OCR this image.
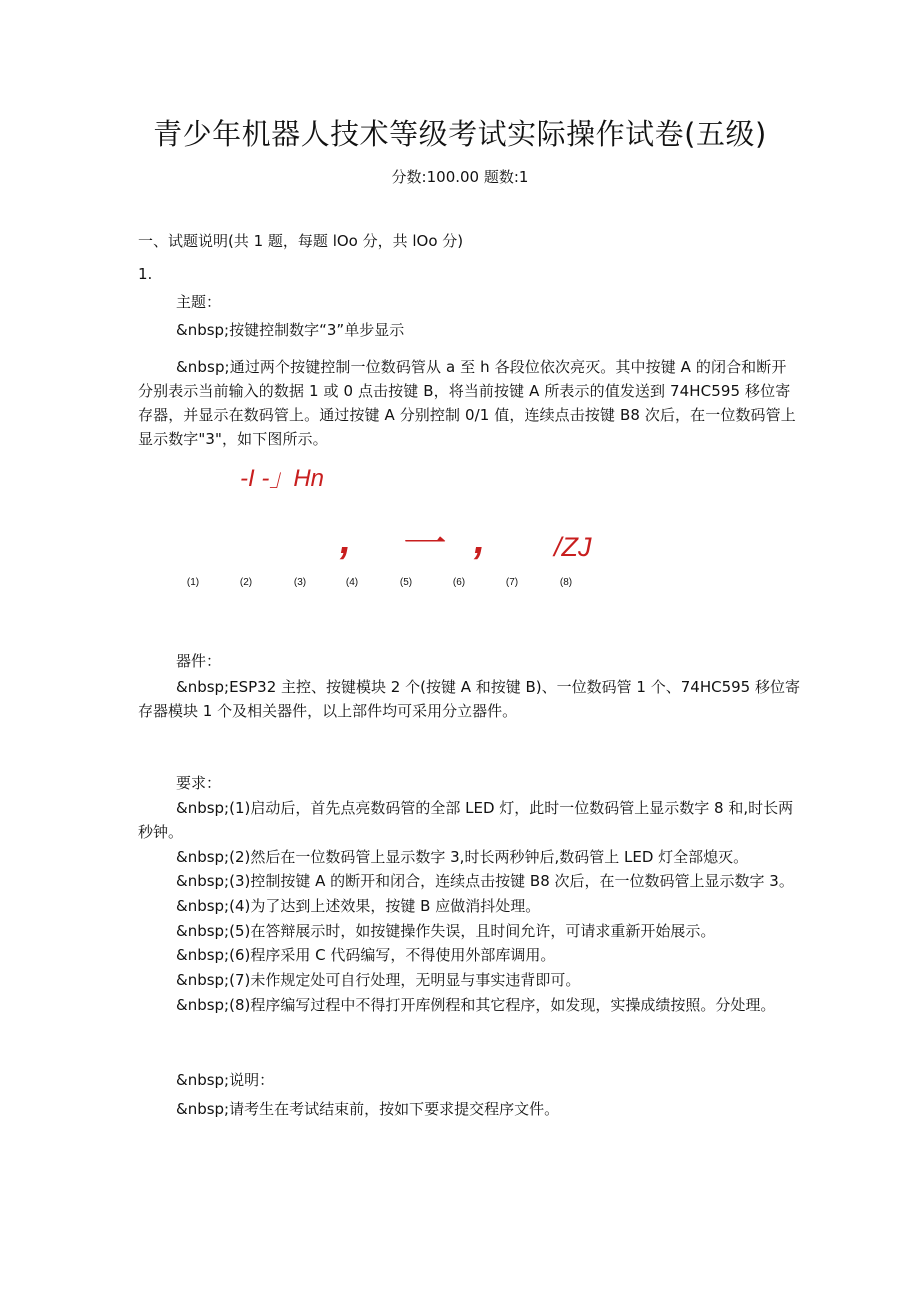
青少年机器人技术等级考试实际操作试卷(五级)
分数:100.00 题数:1
一、试题说明(共 1 题，每题 lOo 分，共 lOo 分)
1.
主题：
&nbsp;按键控制数字“3”单步显示
&nbsp;通过两个按键控制一位数码管从 a 至 h 各段位依次亮灭。其中按键 A 的闭合和断开分别表示当前输入的数据 1 或 0 点击按键 B，将当前按键 A 所表示的值发送到 74HC595 移位寄存器，并显示在数码管上。通过按键 A 分别控制 0/1 值，连续点击按键 B8 次后，在一位数码管上显示数字"3"，如下图所示。
-I -」Hn
, 一 ,	/ZJ
(1)	(2)	(3)	(4)	(5)	(6)	(7)	(8)
器件：
&nbsp;ESP32 主控、按键模块 2 个(按键 A 和按键 B)、一位数码管 1 个、74HC595 移位寄存器模块 1 个及相关器件，以上部件均可采用分立器件。
要求：
&nbsp;(1)启动后，首先点亮数码管的全部 LED 灯，此时一位数码管上显示数字 8 和,时长两秒钟。
&nbsp;(2)然后在一位数码管上显示数字 3,时长两秒钟后,数码管上 LED 灯全部熄灭。
&nbsp;(3)控制按键 A 的断开和闭合，连续点击按键 B8 次后，在一位数码管上显示数字 3。
&nbsp;(4)为了达到上述效果，按键 B 应做消抖处理。
&nbsp;(5)在答辩展示时，如按键操作失误，且时间允许，可请求重新开始展示。
&nbsp;(6)程序采用 C 代码编写，不得使用外部库调用。
&nbsp;(7)未作规定处可自行处理，无明显与事实违背即可。
&nbsp;(8)程序编写过程中不得打开库例程和其它程序，如发现，实操成绩按照。分处理。
&nbsp;说明：
&nbsp;请考生在考试结束前，按如下要求提交程序文件。
